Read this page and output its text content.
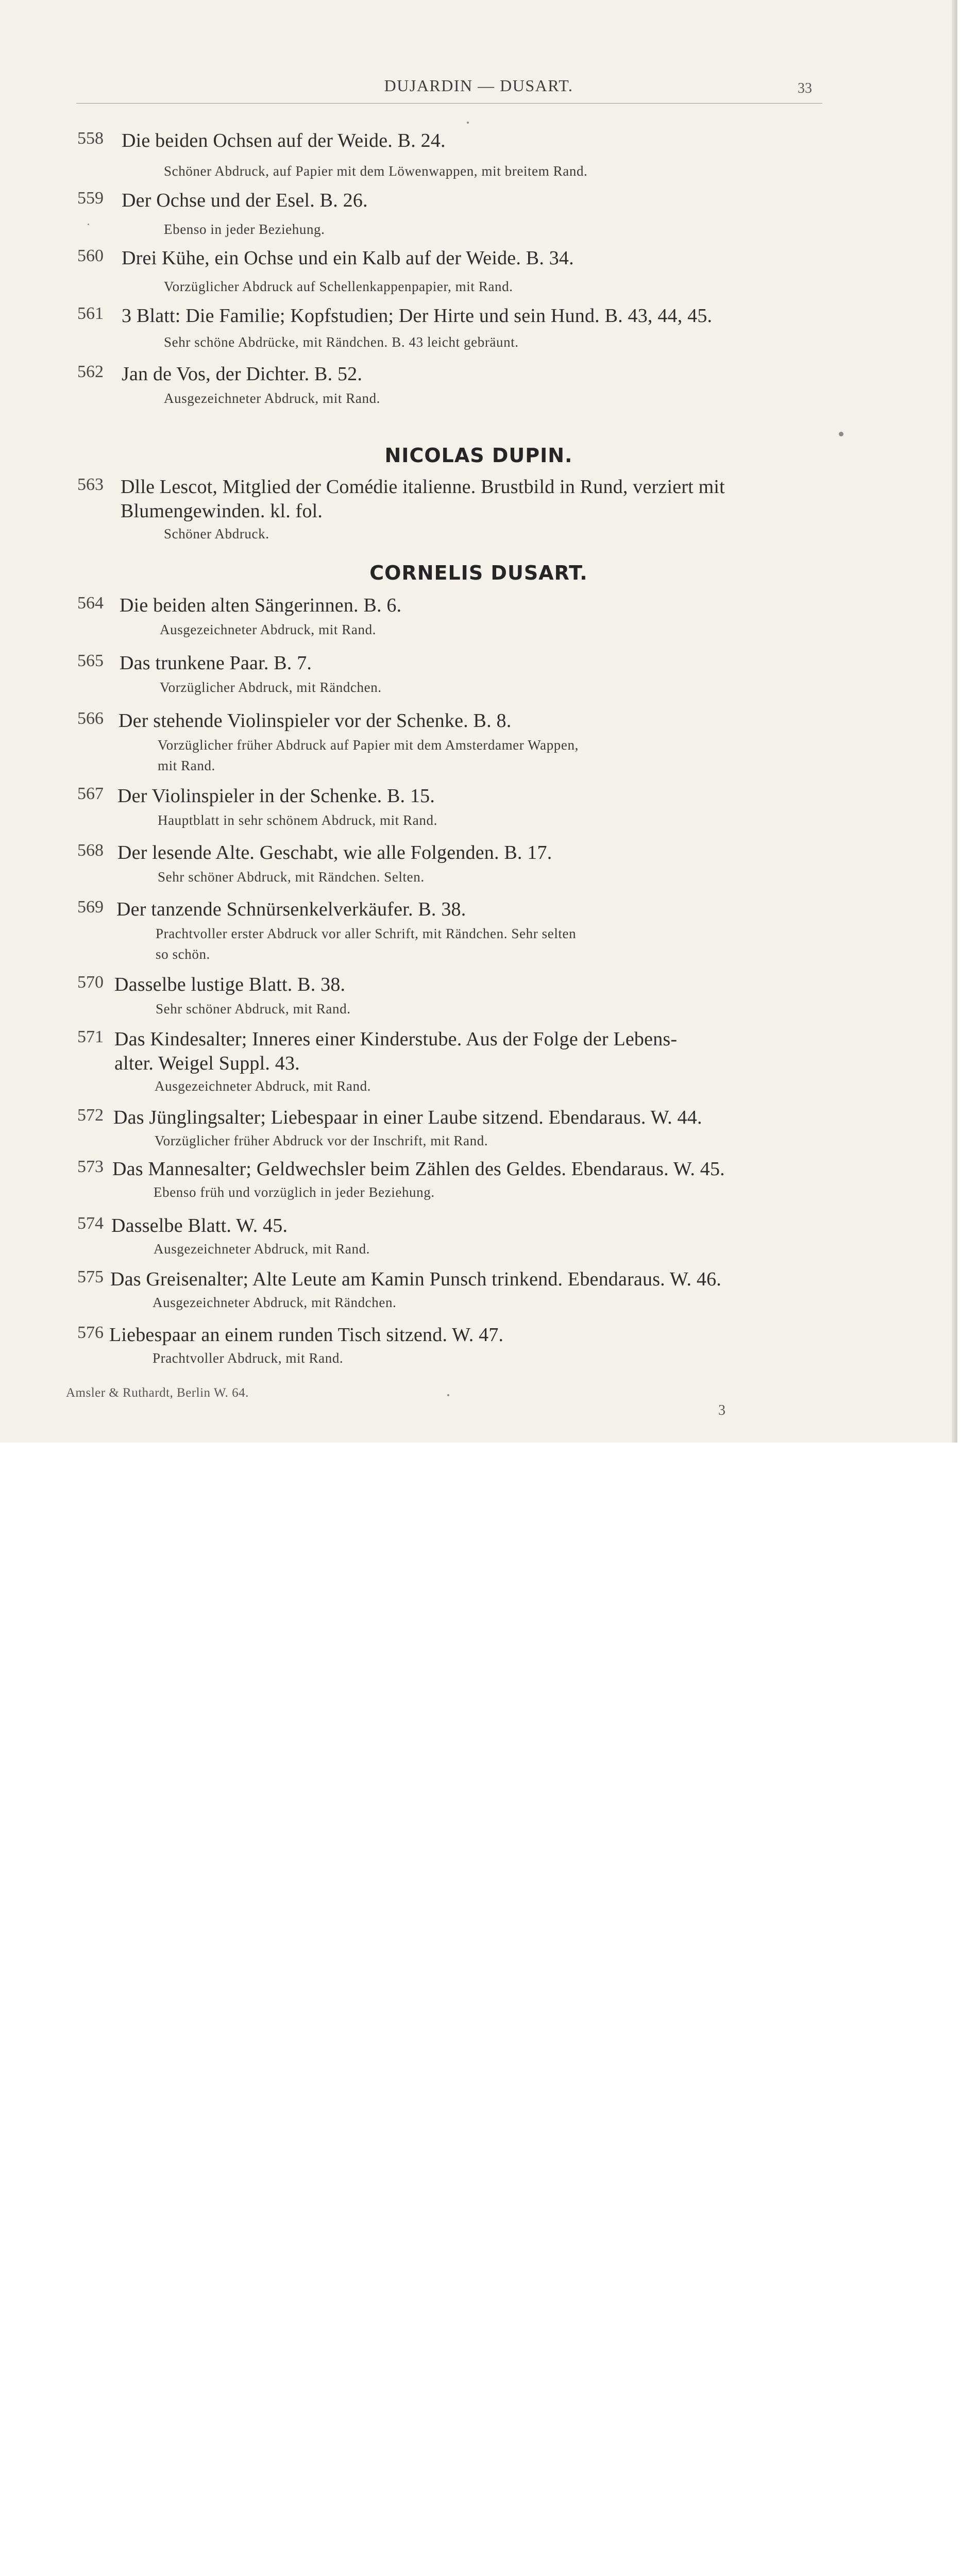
DUJARDIN — DUSART.	33
558 Die beiden Ochsen auf der Weide. B. 24.
Schöner Abdruck, auf Papier mit dem Löwenwappen, mit breitem Rand.
559 Der Ochse und der Esel. B. 26.
Ebenso in jeder Beziehung.
560 Drei Kühe, ein Ochse und ein Kalb auf der Weide. B. 34.
Vorzüglicher Abdruck auf Schellenkappenpapier, mit Rand.
561 3 Blatt: Die Familie; Kopfstudien; Der Hirte und sein Hund. B. 43, 44, 45.
Sehr schöne Abdrücke, mit Rändchen. B. 43 leicht gebräunt.
562 Jan de Vos, der Dichter. B. 52.
Ausgezeichneter Abdruck, mit Rand.
NICOLAS DUPIN.
563 Dlle Lescot, Mitglied der Comédie italienne. Brustbild in Rund, verziert mit
Blumengewinden. kl. fol.
Schöner Abdruck.
CORNELIS DUSART.
564 Die beiden alten Sängerinnen. B. 6.
Ausgezeichneter Abdruck, mit Rand.
565 Das trunkene Paar. B. 7.
Vorzüglicher Abdruck, mit Rändchen.
566 Der stehende Violinspieler vor der Schenke. B. 8.
Vorzüglicher früher Abdruck auf Papier mit dem Amsterdamer Wappen,
mit Rand.
567 Der Violinspieler in der Schenke. B. 15.
Hauptblatt in sehr schönem Abdruck, mit Rand.
568 Der lesende Alte. Geschabt, wie alle Folgenden. B. 17.
Sehr schöner Abdruck, mit Rändchen. Selten.
569 Der tanzende Schnürsenkelverkäufer. B. 38.
Prachtvoller erster Abdruck vor aller Schrift, mit Rändchen. Sehr selten
so schön.
570 Dasselbe lustige Blatt. B. 38.
Sehr schöner Abdruck, mit Rand.
571 Das Kindesalter; Inneres einer Kinderstube. Aus der Folge der Lebens-
alter. Weigel Suppl. 43.
Ausgezeichneter Abdruck, mit Rand.
572 Das Jünglingsalter; Liebespaar in einer Laube sitzend. Ebendaraus. W. 44.
Vorzüglicher früher Abdruck vor der Inschrift, mit Rand.
573 Das Mannesalter; Geldwechsler beim Zählen des Geldes. Ebendaraus. W. 45.
Ebenso früh und vorzüglich in jeder Beziehung.
574 Dasselbe Blatt. W. 45.
Ausgezeichneter Abdruck, mit Rand.
575 Das Greisenalter; Alte Leute am Kamin Punsch trinkend. Ebendaraus. W. 46.
Ausgezeichneter Abdruck, mit Rändchen.
576 Liebespaar an einem runden Tisch sitzend. W. 47.
Prachtvoller Abdruck, mit Rand.
Amsler & Ruthardt, Berlin W. 64.
3
